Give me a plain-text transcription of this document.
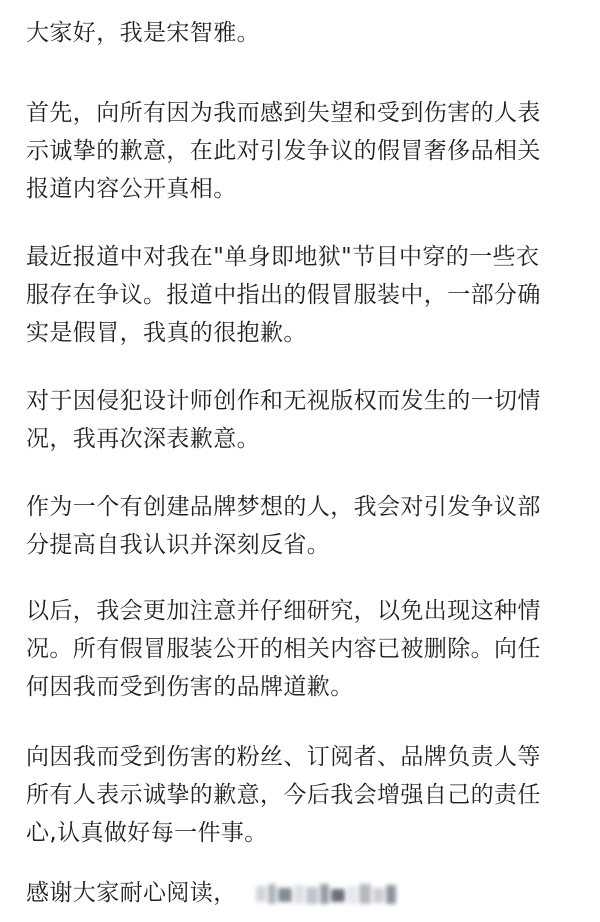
大家好，我是宋智雅。
首先，向所有因为我而感到失望和受到伤害的人表
示诚挚的歉意，在此对引发争议的假冒奢侈品相关
报道内容公开真相。
最近报道中对我在"单身即地狱"节目中穿的一些衣
服存在争议。报道中指出的假冒服装中，一部分确
实是假冒，我真的很抱歉。
对于因侵犯设计师创作和无视版权而发生的一切情
况，我再次深表歉意。
作为一个有创建品牌梦想的人，我会对引发争议部
分提高自我认识并深刻反省。
以后，我会更加注意并仔细研究，以免出现这种情
况。所有假冒服装公开的相关内容已被删除。向任
何因我而受到伤害的品牌道歉。
向因我而受到伤害的粉丝、订阅者、品牌负责人等
所有人表示诚挚的歉意，今后我会增强自己的责任
心,认真做好每一件事。
感谢大家耐心阅读，
